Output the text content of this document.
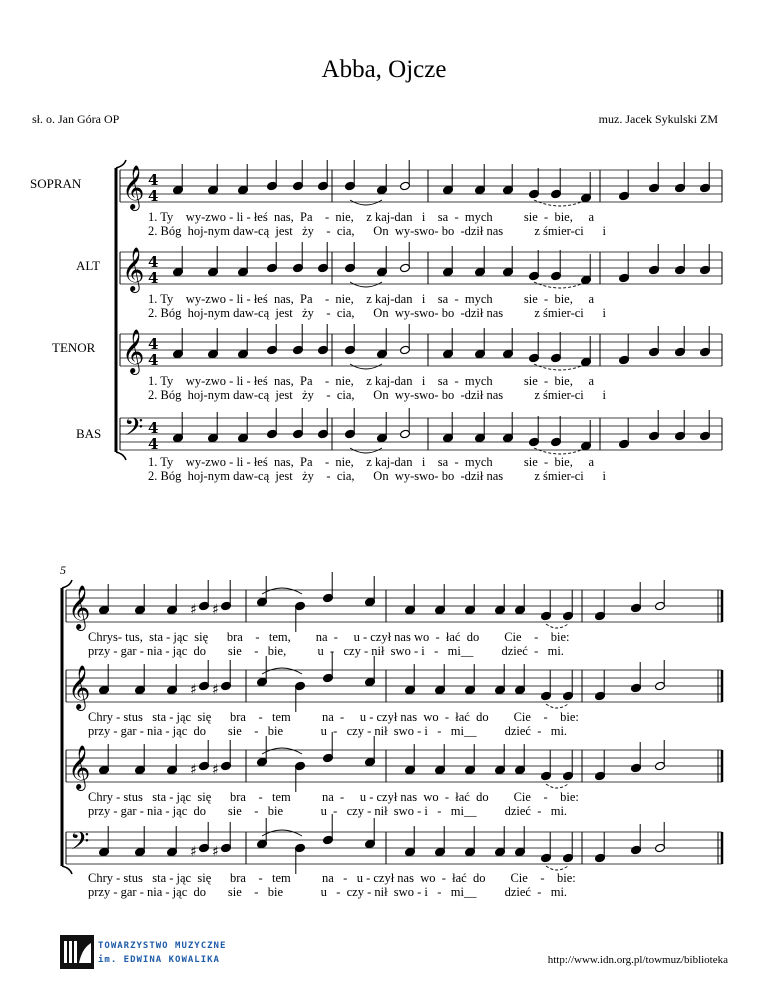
Abba, Ojcze
sł. o. Jan Góra OP	muz. Jacek Sykulski ZM
SOPRAN
ALT
TENOR
BAS
5
1. Ty    wy-zwo - li - łeś  nas,  Pa    -  nie,    z kaj-dan   i    sa  -  mych          sie  -  bie,     a
2. Bóg  hoj-nym daw-cą  jest   ży    -  cia,      On  wy-swo- bo  -dził nas          z śmier-ci      i
1. Ty    wy-zwo - li - łeś  nas,  Pa    -  nie,    z kaj-dan   i    sa  -  mych          sie  -  bie,     a
2. Bóg  hoj-nym daw-cą  jest   ży    -  cia,      On  wy-swo- bo  -dził nas          z śmier-ci      i
1. Ty    wy-zwo - li - łeś  nas,  Pa    -  nie,    z kaj-dan   i    sa  -  mych          sie  -  bie,     a
2. Bóg  hoj-nym daw-cą  jest   ży    -  cia,      On  wy-swo- bo  -dził nas          z śmier-ci      i
1. Ty    wy-zwo - li - łeś  nas,  Pa    -  nie,    z kaj-dan   i    sa  -  mych          sie  -  bie,     a
2. Bóg  hoj-nym daw-cą  jest   ży    -  cia,      On  wy-swo- bo  -dził nas          z śmier-ci      i
Chrys- tus,  sta - jąc  się      bra    -   tem,        na  -     u - czył nas wo  -  łać  do        Cie    -    bie:
przy - gar - nia - jąc  do       sie    -   bie,          u  -   czy - nił  swo - i   -   mi__         dzieć  -   mi.
Chry - stus   sta - jąc  się      bra    -   tem          na  -     u - czył nas  wo  -  łać  do        Cie    -    bie:
przy - gar - nia - jąc  do       sie    -   bie            u  -   czy - nił  swo - i   -   mi__         dzieć  -   mi.
Chry - stus   sta - jąc  się      bra    -   tem          na  -     u - czył nas  wo  -  łać  do        Cie    -    bie:
przy - gar - nia - jąc  do       sie    -   bie            u  -   czy - nił  swo - i   -   mi__         dzieć  -   mi.
Chry - stus   sta - jąc  się      bra    -   tem          na   -   u - czył nas  wo  -  łać  do        Cie    -    bie:
przy - gar - nia - jąc  do       sie    -   bie            u   -  czy - nił  swo - i   -   mi__         dzieć  -   mi.
𝄞 4
4
𝄞 4
4
𝄞 4
4
𝄢 4
4
𝄞	♯ ♯
𝄞	♯ ♯
𝄞	♯ ♯
𝄢	♯ ♯
TOWARZYSTWO MUZYCZNE
im. EDWINA KOWALIKA	http://www.idn.org.pl/towmuz/biblioteka
